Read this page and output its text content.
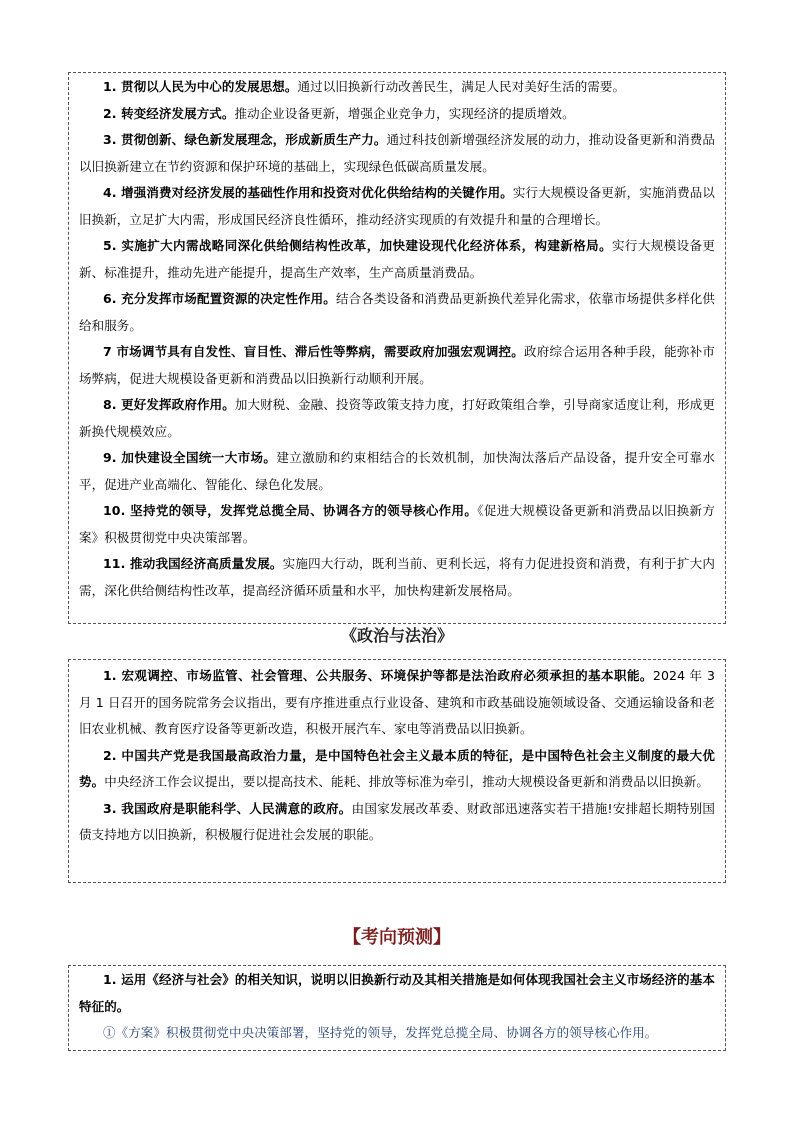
1. 贯彻以人民为中心的发展思想。通过以旧换新行动改善民生，满足人民对美好生活的需要。

2. 转变经济发展方式。推动企业设备更新，增强企业竞争力，实现经济的提质增效。

3. 贯彻创新、绿色新发展理念，形成新质生产力。通过科技创新增强经济发展的动力，推动设备更新和消费品以旧换新建立在节约资源和保护环境的基础上，实现绿色低碳高质量发展。

4. 增强消费对经济发展的基础性作用和投资对优化供给结构的关键作用。实行大规模设备更新，实施消费品以旧换新，立足扩大内需，形成国民经济良性循环，推动经济实现质的有效提升和量的合理增长。

5. 实施扩大内需战略同深化供给侧结构性改革，加快建设现代化经济体系，构建新格局。实行大规模设备更新、标准提升，推动先进产能提升，提高生产效率，生产高质量消费品。

6. 充分发挥市场配置资源的决定性作用。结合各类设备和消费品更新换代差异化需求，依靠市场提供多样化供给和服务。

7 市场调节具有自发性、盲目性、滞后性等弊病，需要政府加强宏观调控。政府综合运用各种手段，能弥补市场弊病，促进大规模设备更新和消费品以旧换新行动顺利开展。

8. 更好发挥政府作用。加大财税、金融、投资等政策支持力度，打好政策组合拳，引导商家适度让利，形成更新换代规模效应。

9. 加快建设全国统一大市场。建立激励和约束相结合的长效机制，加快淘汰落后产品设备，提升安全可靠水平，促进产业高端化、智能化、绿色化发展。

10. 坚持党的领导，发挥党总揽全局、协调各方的领导核心作用。《促进大规模设备更新和消费品以旧换新方案》积极贯彻党中央决策部署。

11. 推动我国经济高质量发展。实施四大行动，既利当前、更利长远，将有力促进投资和消费，有利于扩大内需，深化供给侧结构性改革，提高经济循环质量和水平，加快构建新发展格局。

《政治与法治》

1. 宏观调控、市场监管、社会管理、公共服务、环境保护等都是法治政府必须承担的基本职能。2024 年 3 月 1 日召开的国务院常务会议指出，要有序推进重点行业设备、建筑和市政基础设施领域设备、交通运输设备和老旧农业机械、教育医疗设备等更新改造，积极开展汽车、家电等消费品以旧换新。

2. 中国共产党是我国最高政治力量，是中国特色社会主义最本质的特征，是中国特色社会主义制度的最大优势。中央经济工作会议提出，要以提高技术、能耗、排放等标准为牵引，推动大规模设备更新和消费品以旧换新。

3. 我国政府是职能科学、人民满意的政府。由国家发展改革委、财政部迅速落实若干措施!安排超长期特别国债支持地方以旧换新，积极履行促进社会发展的职能。

【考向预测】

1. 运用《经济与社会》的相关知识，说明以旧换新行动及其相关措施是如何体现我国社会主义市场经济的基本特征的。

①《方案》积极贯彻党中央决策部署，坚持党的领导，发挥党总揽全局、协调各方的领导核心作用。
